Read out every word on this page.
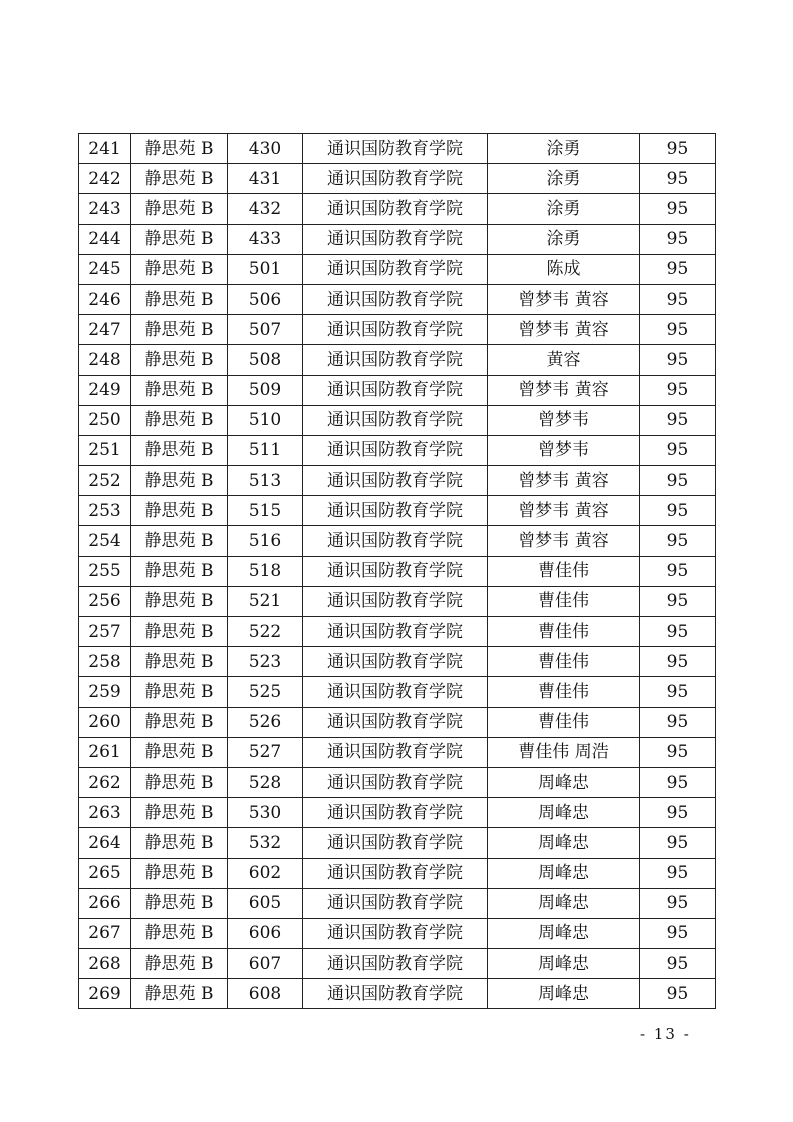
241	静思苑 B	430	通识国防教育学院	涂勇	95
242	静思苑 B	431	通识国防教育学院	涂勇	95
243	静思苑 B	432	通识国防教育学院	涂勇	95
244	静思苑 B	433	通识国防教育学院	涂勇	95
245	静思苑 B	501	通识国防教育学院	陈成	95
246	静思苑 B	506	通识国防教育学院	曾梦韦 黄容	95
247	静思苑 B	507	通识国防教育学院	曾梦韦 黄容	95
248	静思苑 B	508	通识国防教育学院	黄容	95
249	静思苑 B	509	通识国防教育学院	曾梦韦 黄容	95
250	静思苑 B	510	通识国防教育学院	曾梦韦	95
251	静思苑 B	511	通识国防教育学院	曾梦韦	95
252	静思苑 B	513	通识国防教育学院	曾梦韦 黄容	95
253	静思苑 B	515	通识国防教育学院	曾梦韦 黄容	95
254	静思苑 B	516	通识国防教育学院	曾梦韦 黄容	95
255	静思苑 B	518	通识国防教育学院	曹佳伟	95
256	静思苑 B	521	通识国防教育学院	曹佳伟	95
257	静思苑 B	522	通识国防教育学院	曹佳伟	95
258	静思苑 B	523	通识国防教育学院	曹佳伟	95
259	静思苑 B	525	通识国防教育学院	曹佳伟	95
260	静思苑 B	526	通识国防教育学院	曹佳伟	95
261	静思苑 B	527	通识国防教育学院	曹佳伟 周浩	95
262	静思苑 B	528	通识国防教育学院	周峰忠	95
263	静思苑 B	530	通识国防教育学院	周峰忠	95
264	静思苑 B	532	通识国防教育学院	周峰忠	95
265	静思苑 B	602	通识国防教育学院	周峰忠	95
266	静思苑 B	605	通识国防教育学院	周峰忠	95
267	静思苑 B	606	通识国防教育学院	周峰忠	95
268	静思苑 B	607	通识国防教育学院	周峰忠	95
269	静思苑 B	608	通识国防教育学院	周峰忠	95
- 13 -
